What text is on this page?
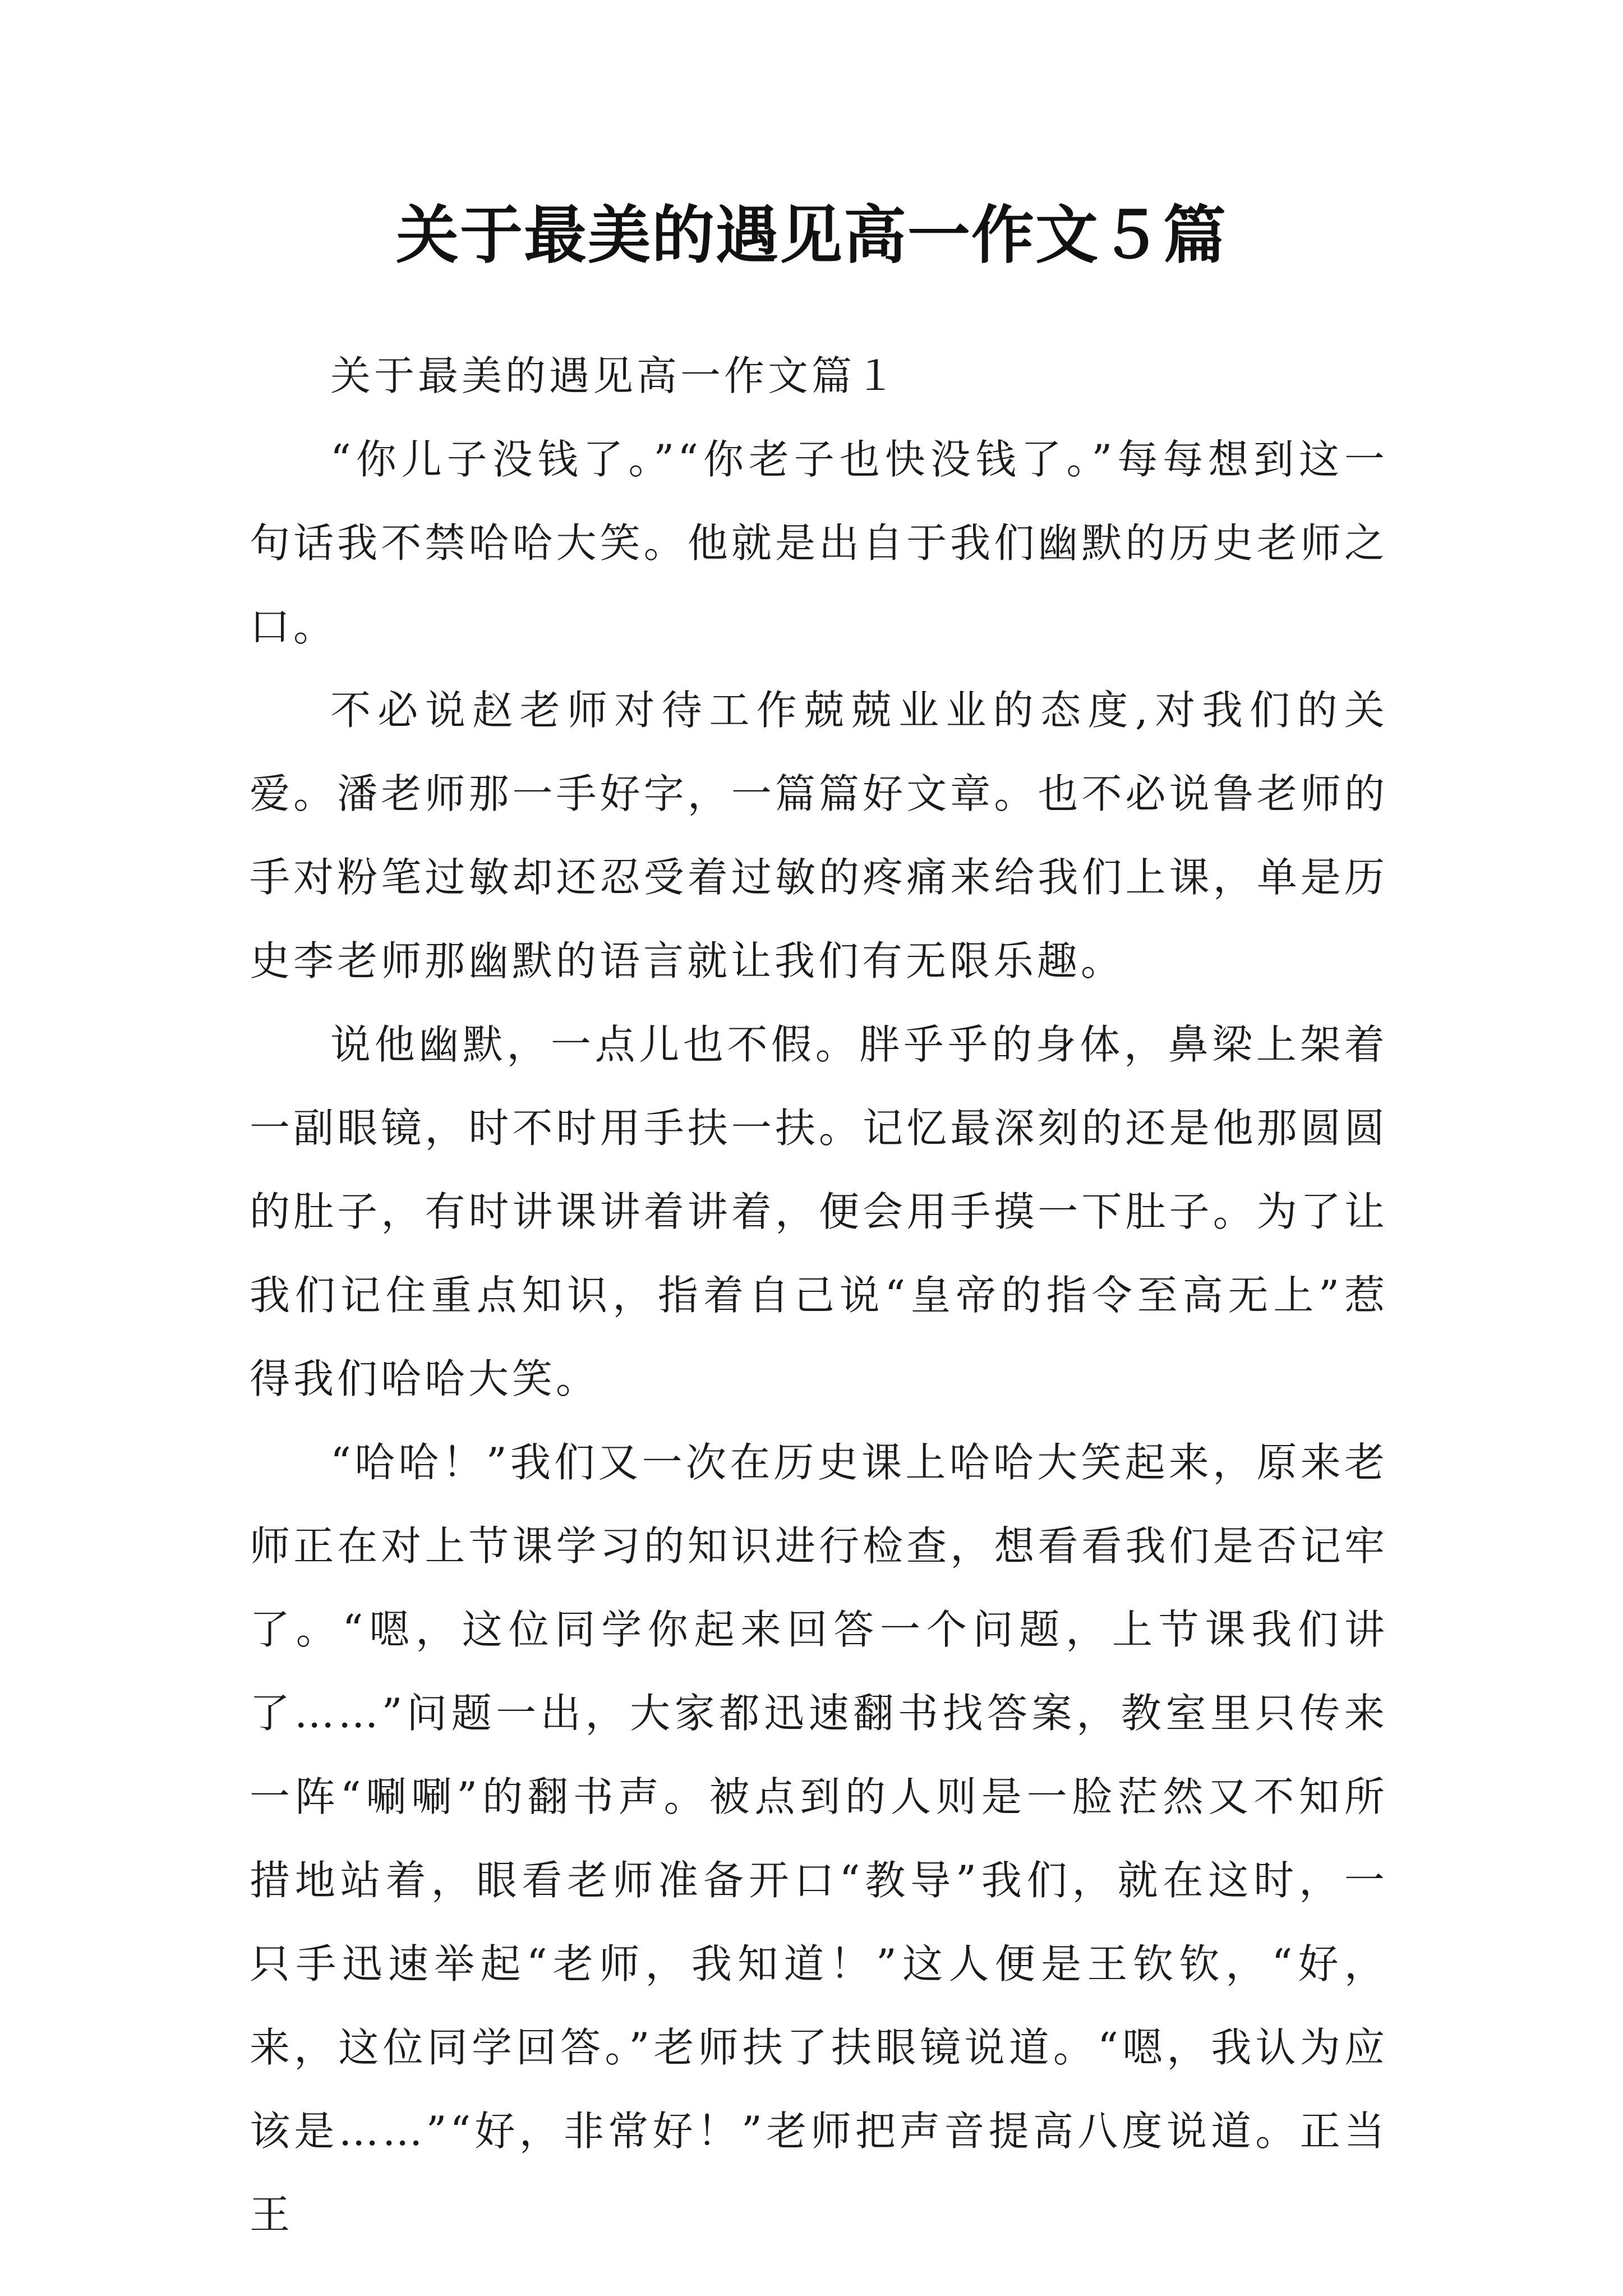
关于最美的遇见高一作文５篇

关于最美的遇见高一作文篇１

“你儿子没钱了。”“你老子也快没钱了。”每每想到这一句话我不禁哈哈大笑。他就是出自于我们幽默的历史老师之口。

不必说赵老师对待工作兢兢业业的态度,对我们的关爱。潘老师那一手好字，一篇篇好文章。也不必说鲁老师的手对粉笔过敏却还忍受着过敏的疼痛来给我们上课，单是历史李老师那幽默的语言就让我们有无限乐趣。

说他幽默，一点儿也不假。胖乎乎的身体，鼻梁上架着一副眼镜，时不时用手扶一扶。记忆最深刻的还是他那圆圆的肚子，有时讲课讲着讲着，便会用手摸一下肚子。为了让我们记住重点知识，指着自己说“皇帝的指令至高无上”惹得我们哈哈大笑。

“哈哈！”我们又一次在历史课上哈哈大笑起来，原来老师正在对上节课学习的知识进行检查，想看看我们是否记牢了。“嗯，这位同学你起来回答一个问题，上节课我们讲了……”问题一出，大家都迅速翻书找答案，教室里只传来一阵“唰唰”的翻书声。被点到的人则是一脸茫然又不知所措地站着，眼看老师准备开口“教导”我们，就在这时，一只手迅速举起“老师，我知道！”这人便是王钦钦，“好，来，这位同学回答。”老师扶了扶眼镜说道。“嗯，我认为应该是……”“好，非常好！”老师把声音提高八度说道。正当王
